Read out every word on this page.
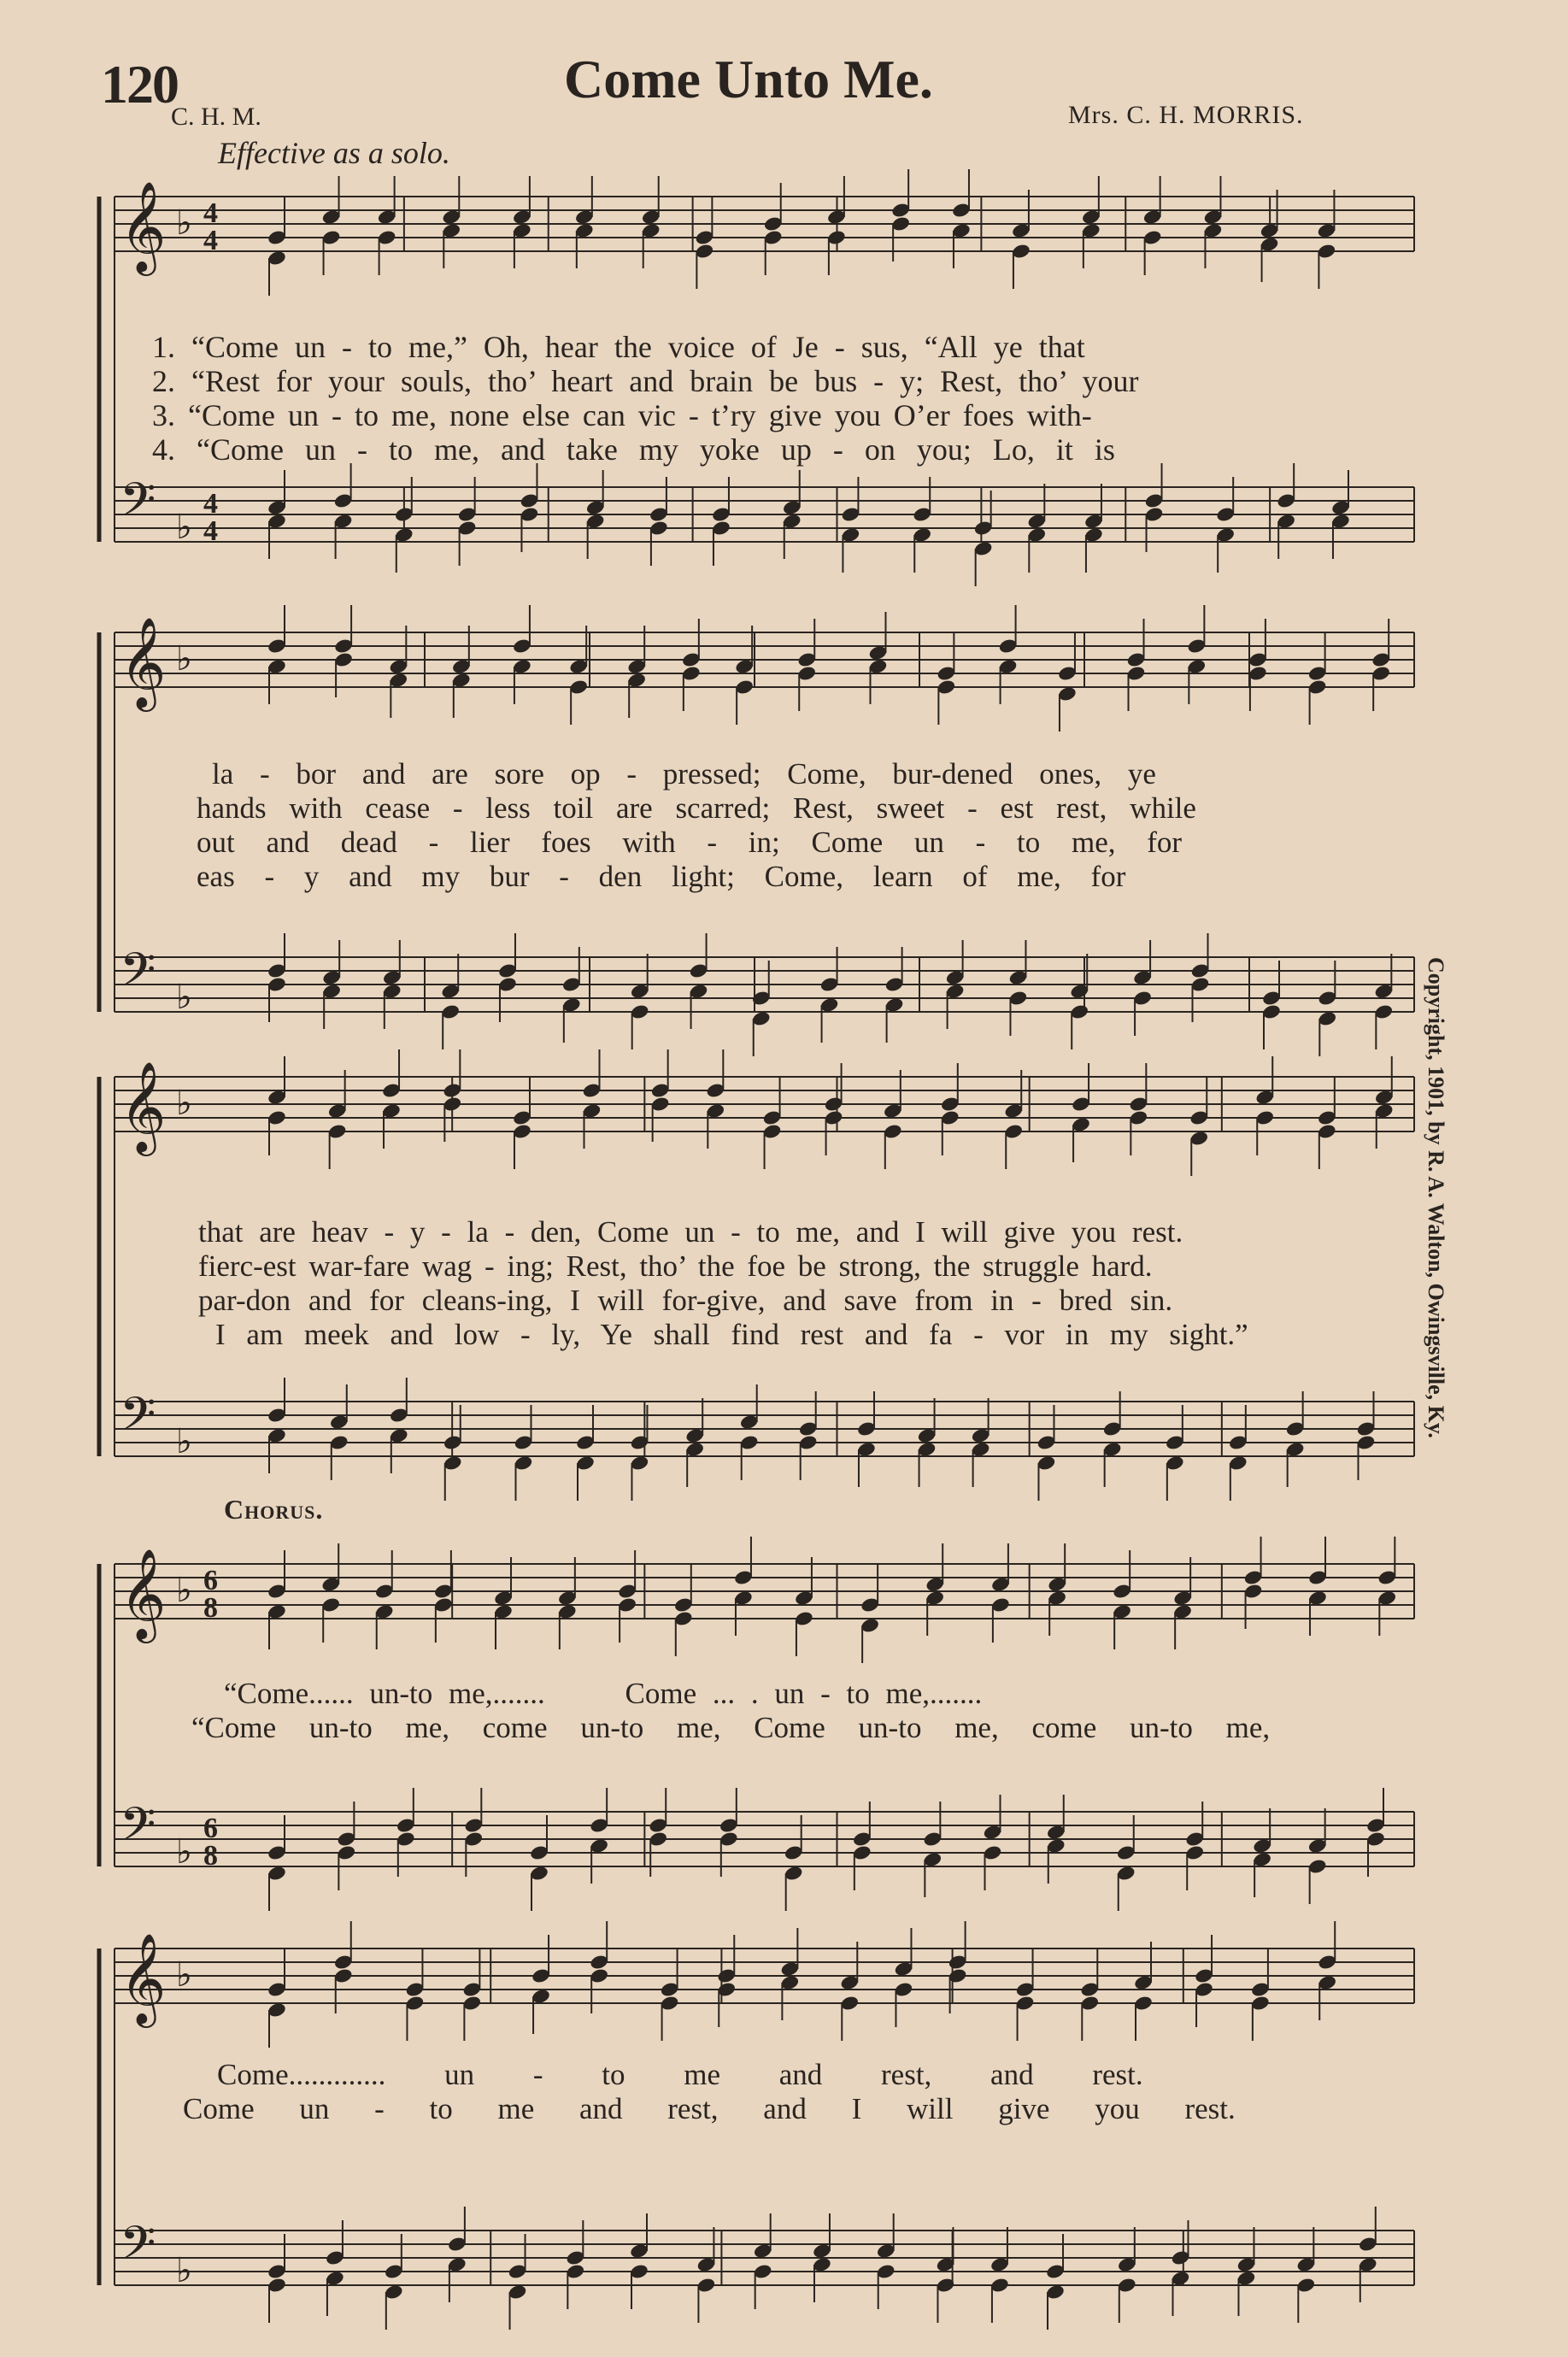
120	Come Unto Me.
C. H. M.	Mrs. C. H. MORRIS.
Effective as a solo.
Copyright, 1901, by R. A. Walton, Owingsville, Ky.
𝄞 ♭
𝄢 ♭
4
4
4
4
𝄞 ♭
𝄢 ♭
𝄞 ♭
𝄢 ♭
𝄞 ♭
𝄢 ♭
6
8
6
8
𝄞 ♭
𝄢 ♭
1. “Come un - to me,” Oh, hear the voice of Je - sus, “All ye that
2. “Rest for your souls, tho’ heart and brain be bus - y; Rest, tho’ your
3. “Come un - to me, none else can vic - t’ry give you O’er foes with-
4. “Come un - to me, and take my yoke up - on you; Lo, it is
la - bor and are sore op - pressed; Come, bur-dened ones, ye
hands with cease - less toil are scarred; Rest, sweet - est rest, while
out and dead - lier foes with - in; Come un - to me, for
eas - y and my bur - den light; Come, learn of me, for
that are heav - y - la - den, Come un - to me, and I will give you rest.
fierc-est war-fare wag - ing; Rest, tho’ the foe be strong, the struggle hard.
par-don and for cleans-ing, I will for-give, and save from in - bred sin.
I am meek and low - ly, Ye shall find rest and fa - vor in my sight.”
Chorus.
“Come...... un-to me,.......     Come ... . un - to me,.......
“Come un-to me, come un-to me, Come un-to me, come un-to me,
Come............. un - to me and rest, and rest.
Come un - to me and rest, and I will give you rest.
